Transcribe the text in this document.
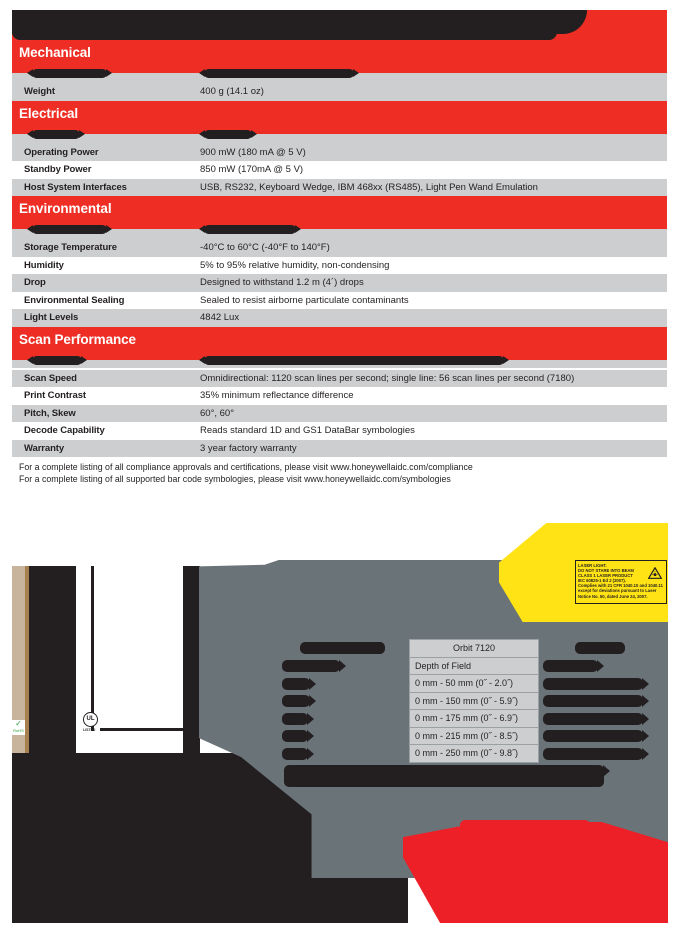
Mechanical
Weight	400 g (14.1 oz)
Electrical
Operating Power	900 mW (180 mA @ 5 V)
Standby Power	850 mW (170mA @ 5 V)
Host System Interfaces	USB, RS232, Keyboard Wedge, IBM 468xx (RS485), Light Pen Wand Emulation
Environmental
Storage Temperature	-40°C to 60°C (-40°F to 140°F)
Humidity	5% to 95% relative humidity, non-condensing
Drop	Designed to withstand 1.2 m (4´) drops
Environmental Sealing	Sealed to resist airborne particulate contaminants
Light Levels	4842 Lux
Scan Performance
Scan Speed	Omnidirectional: 1120 scan lines per second; single line: 56 scan lines per second (7180)
Print Contrast	35% minimum reflectance difference
Pitch, Skew	60°, 60°
Decode Capability	Reads standard 1D and GS1 DataBar symbologies
Warranty	3 year factory warranty
For a complete listing of all compliance approvals and certifications, please visit www.honeywellaidc.com/compliance
For a complete listing of all supported bar code symbologies, please visit www.honeywellaidc.com/symbologies
LASER LIGHT.
DO NOT STARE INTO BEAM
CLASS 1 LASER PRODUCT
IEC 60825-1 Ed 2 (2007).
Complies with 21 CFR 1040.10 and 1040.11
except for deviations pursuant to Laser
Notice No. 50, dated June 24, 2007.
Orbit 7120
Depth of Field
0 mm - 50 mm (0˝ - 2.0˝)
0 mm - 150 mm (0˝ - 5.9˝)
0 mm - 175 mm (0˝ - 6.9˝)
0 mm - 215 mm (0˝ - 8.5˝)
0 mm - 250 mm (0˝ - 9.8˝)
✓
RoHS
UL
LISTED
